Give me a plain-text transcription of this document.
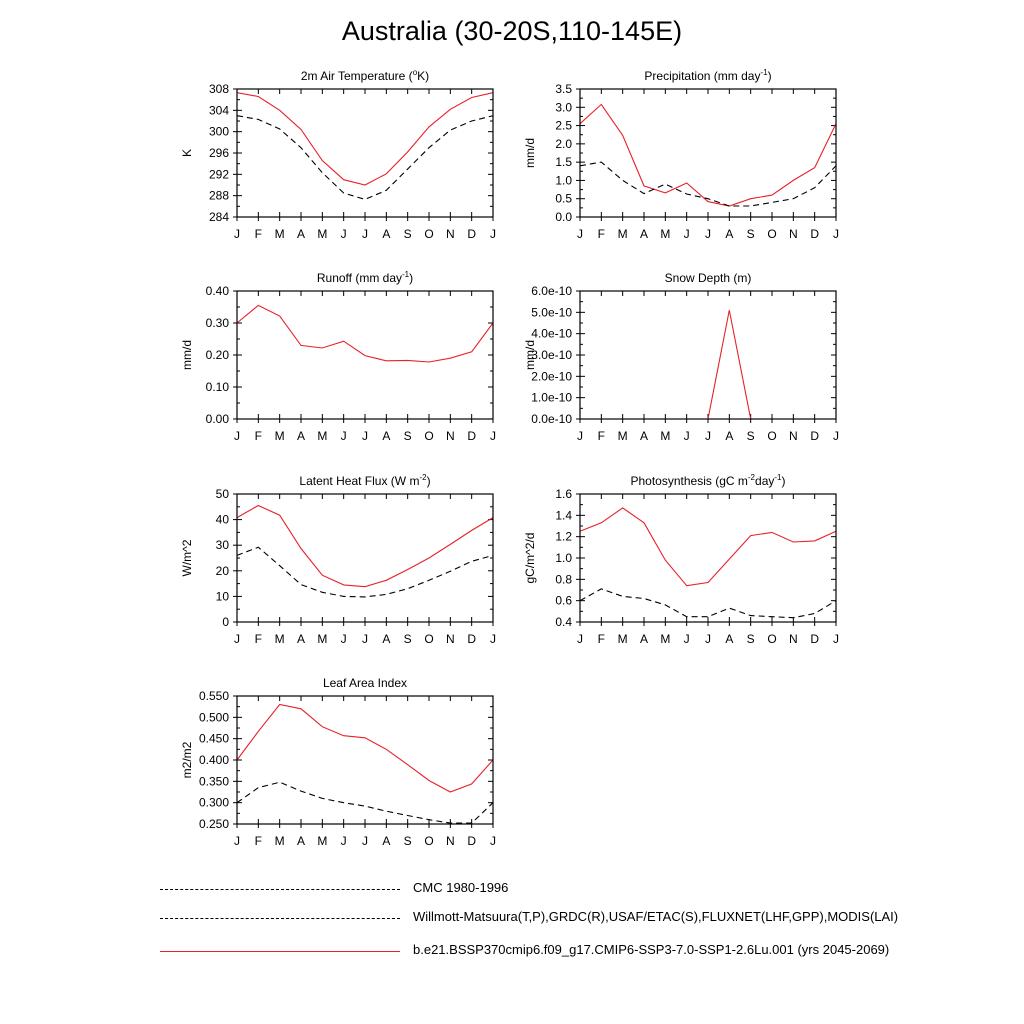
Australia (30-20S,110-145E)
2m Air Temperature ($^o$K)
K
284
288
292
296
300
304
308
J F M A M J J A S O N D J
Precipitation (mm day$^{-1}$)
mm/d
0.0
0.5
1.0
1.5
2.0
2.5
3.0
3.5
J F M A M J J A S O N D J
Runoff (mm day$^{-1}$)
mm/d
0.00
0.10
0.20
0.30
0.40
J F M A M J J A S O N D J
Snow Depth (m)
mm/d
0.0e-10
1.0e-10
2.0e-10
3.0e-10
4.0e-10
5.0e-10
6.0e-10
J F M A M J J A S O N D J
Latent Heat Flux (W $m^{-2}$)
W/m^2
0
10
20
30
40
50
J F M A M J J A S O N D J
Photosynthesis (gC $m^{-2}day^{-1}$)
gC/m^2/d
0.4
0.6
0.8
1.0
1.2
1.4
1.6
J F M A M J J A S O N D J
Leaf Area Index
m2/m2
0.250
0.300
0.350
0.400
0.450
0.500
0.550
J F M A M J J A S O N D J
CMC 1980-1996
Willmott-Matsuura(T,P),GRDC(R),USAF/ETAC(S),FLUXNET(LHF,GPP),MODIS(LAI)
b.e21.BSSP370cmip6.f09_g17.CMIP6-SSP3-7.0-SSP1-2.6Lu.001 (yrs 2045-2069)
